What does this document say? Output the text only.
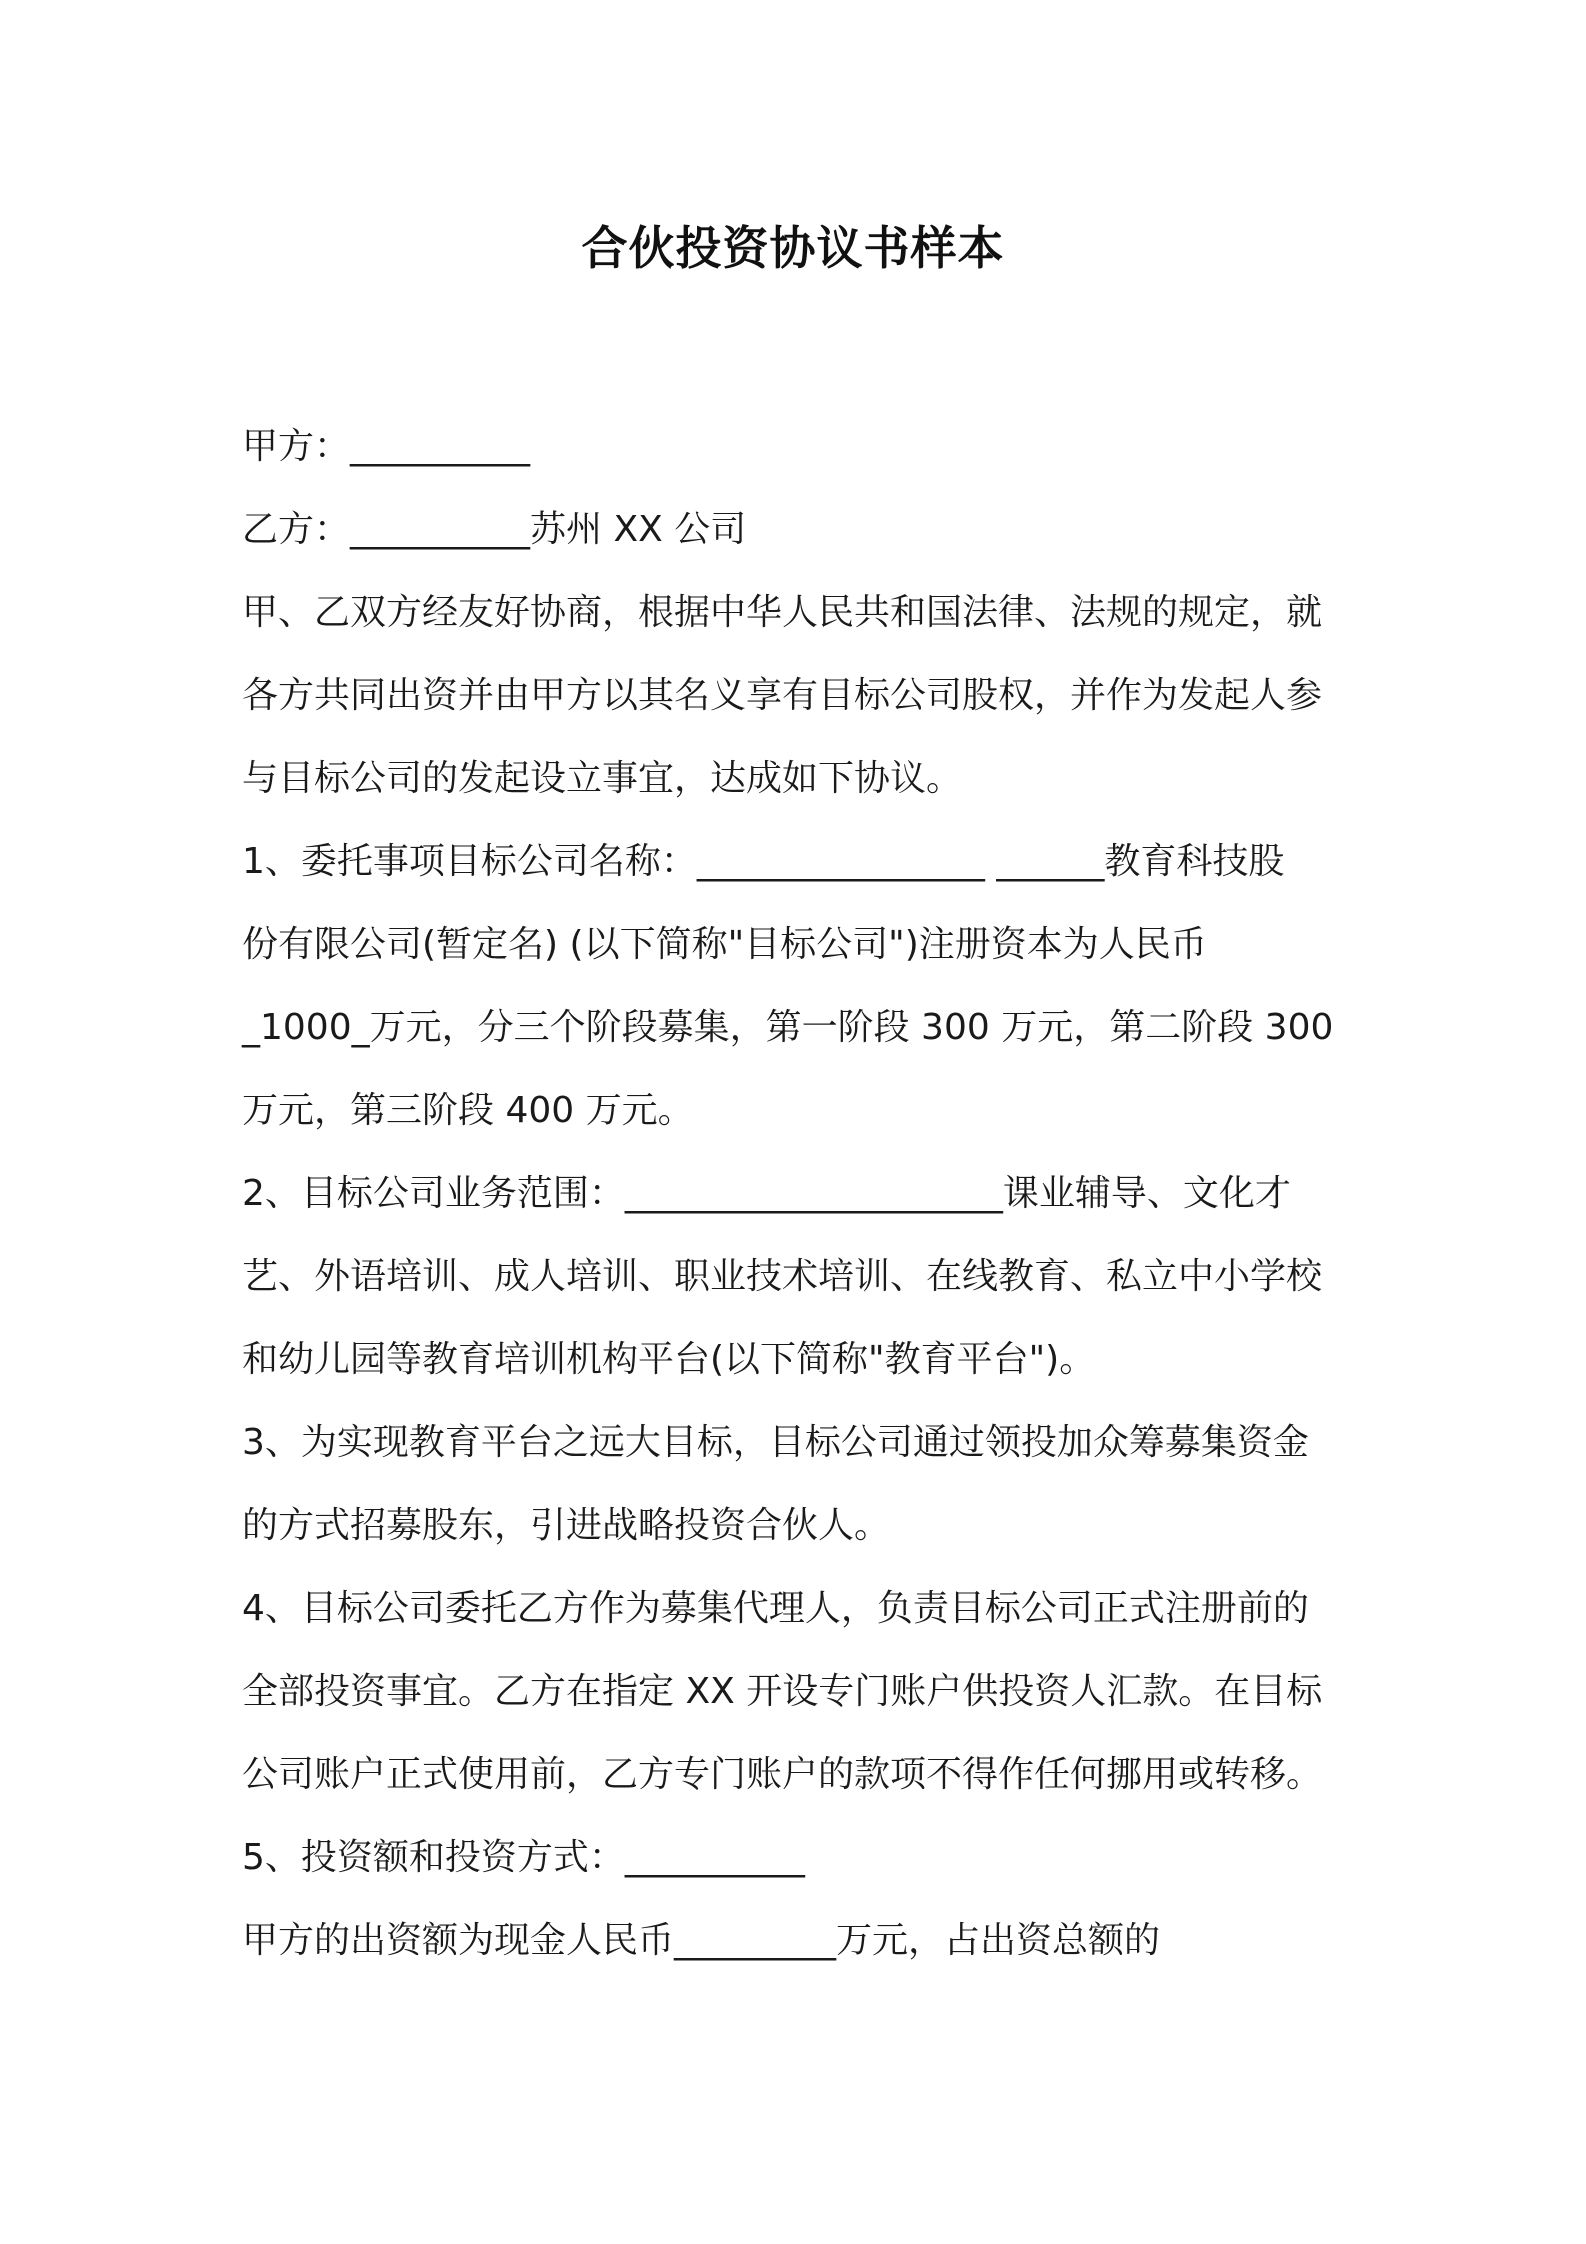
合伙投资协议书样本
甲方：__________
乙方：__________苏州 XX 公司
甲、乙双方经友好协商，根据中华人民共和国法律、法规的规定，就
各方共同出资并由甲方以其名义享有目标公司股权，并作为发起人参
与目标公司的发起设立事宜，达成如下协议。
1、委托事项目标公司名称：________________ ______教育科技股
份有限公司(暂定名) (以下简称"目标公司")注册资本为人民币
_1000_万元，分三个阶段募集，第一阶段 300 万元，第二阶段 300
万元，第三阶段 400 万元。
2、目标公司业务范围：_____________________课业辅导、文化才
艺、外语培训、成人培训、职业技术培训、在线教育、私立中小学校
和幼儿园等教育培训机构平台(以下简称"教育平台")。
3、为实现教育平台之远大目标，目标公司通过领投加众筹募集资金
的方式招募股东，引进战略投资合伙人。
4、目标公司委托乙方作为募集代理人，负责目标公司正式注册前的
全部投资事宜。乙方在指定 XX 开设专门账户供投资人汇款。在目标
公司账户正式使用前，乙方专门账户的款项不得作任何挪用或转移。
5、投资额和投资方式：__________
甲方的出资额为现金人民币_________万元，占出资总额的
